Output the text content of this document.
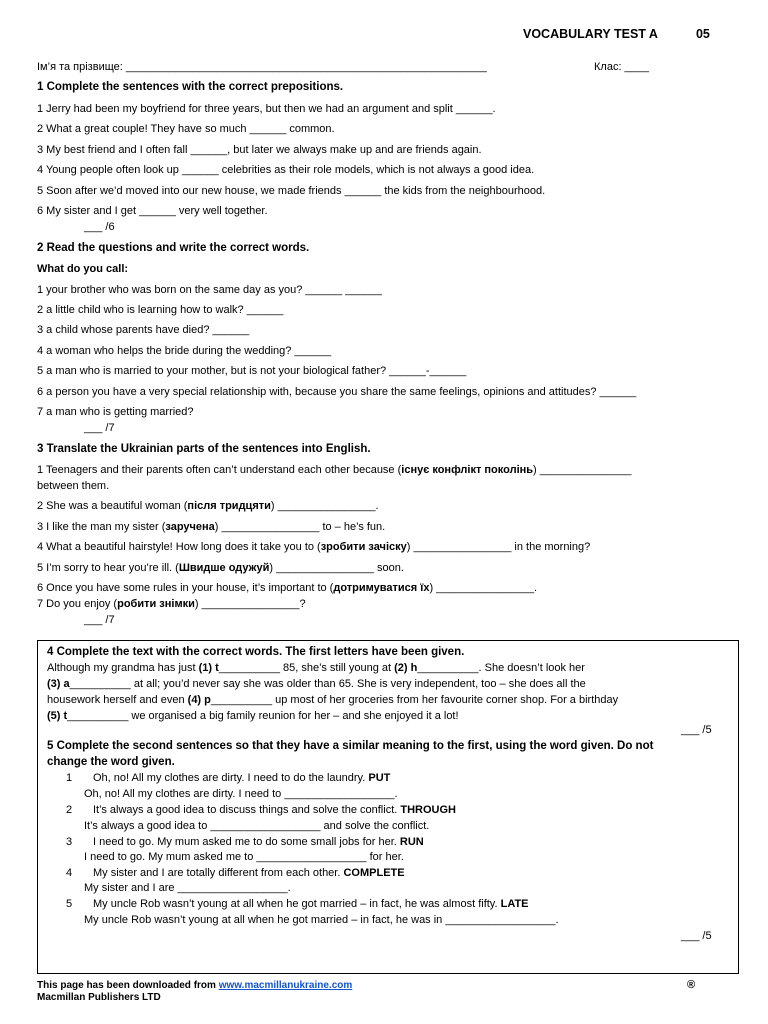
VOCABULARY TEST A	05
Ім’я та прізвище: ___________________________________________________________	Клас: ____
1 Complete the sentences with the correct prepositions.
1 Jerry had been my boyfriend for three years, but then we had an argument and split ______.
2 What a great couple! They have so much ______ common.
3 My best friend and I often fall ______, but later we always make up and are friends again.
4 Young people often look up ______ celebrities as their role models, which is not always a good idea.
5 Soon after we’d moved into our new house, we made friends ______ the kids from the neighbourhood.
6 My sister and I get ______ very well together.
___ /6
2 Read the questions and write the correct words.
What do you call:
1 your brother who was born on the same day as you? ______ ______
2 a little child who is learning how to walk? ______
3 a child whose parents have died? ______
4 a woman who helps the bride during the wedding? ______
5 a man who is married to your mother, but is not your biological father? ______-______
6 a person you have a very special relationship with, because you share the same feelings, opinions and attitudes? ______
7 a man who is getting married?
___ /7
3 Translate the Ukrainian parts of the sentences into English.
1 Teenagers and their parents often can’t understand each other because (існує конфлікт поколінь) _______________
between them.
2 She was a beautiful woman (після тридцяти) ________________.
3 I like the man my sister (заручена) ________________ to – he’s fun.
4 What a beautiful hairstyle! How long does it take you to (зробити зачіску) ________________ in the morning?
5 I’m sorry to hear you’re ill. (Швидше одужуй) ________________ soon.
6 Once you have some rules in your house, it’s important to (дотримуватися їх) ________________.
7 Do you enjoy (робити знімки) ________________?
___ /7
4 Complete the text with the correct words. The first letters have been given.
Although my grandma has just (1) t__________ 85, she’s still young at (2) h__________. She doesn’t look her
(3) a__________ at all; you’d never say she was older than 65. She is very independent, too – she does all the
housework herself and even (4) p__________ up most of her groceries from her favourite corner shop. For a birthday
(5) t__________ we organised a big family reunion for her – and she enjoyed it a lot!
___ /5
5 Complete the second sentences so that they have a similar meaning to the first, using the word given. Do not
change the word given.
1 Oh, no! All my clothes are dirty. I need to do the laundry. PUT
Oh, no! All my clothes are dirty. I need to __________________.
2 It’s always a good idea to discuss things and solve the conflict. THROUGH
It’s always a good idea to __________________ and solve the conflict.
3 I need to go. My mum asked me to do some small jobs for her. RUN
I need to go. My mum asked me to __________________ for her.
4 My sister and I are totally different from each other. COMPLETE
My sister and I are __________________.
5 My uncle Rob wasn’t young at all when he got married – in fact, he was almost fifty. LATE
My uncle Rob wasn’t young at all when he got married – in fact, he was in __________________.
___ /5
This page has been downloaded from www.macmillanukraine.com
Macmillan Publishers LTD
®
